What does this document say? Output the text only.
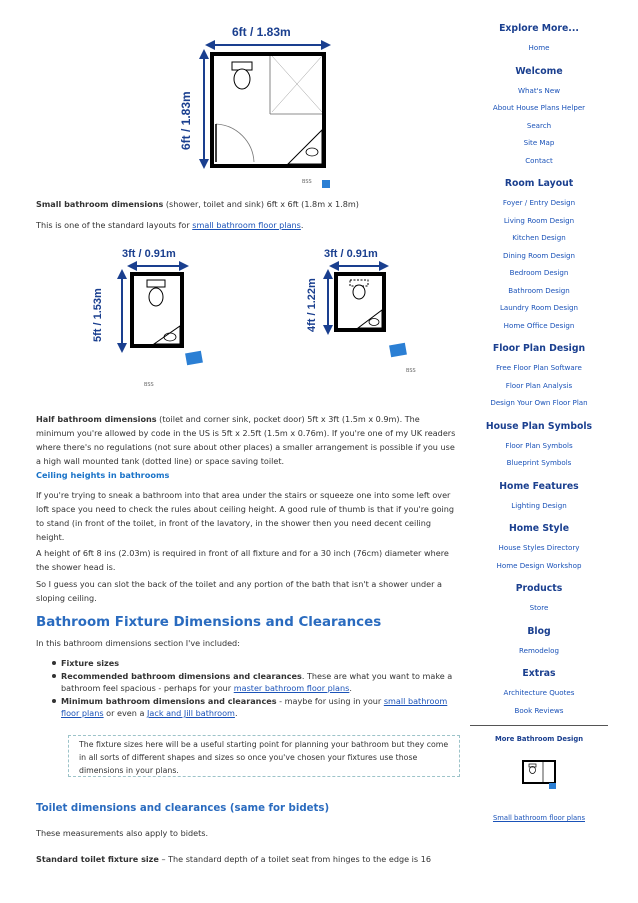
6ft / 1.83m
6ft / 1.83m
BSS
Small bathroom dimensions (shower, toilet and sink) 6ft x 6ft (1.8m x 1.8m)
This is one of the standard layouts for small bathroom floor plans.
3ft / 0.91m
5ft / 1.53m
BSS
3ft / 0.91m
4ft / 1.22m
BSS
Half bathroom dimensions (toilet and corner sink, pocket door) 5ft x 3ft (1.5m x 0.9m). The minimum you're allowed by code in the US is 5ft x 2.5ft (1.5m x 0.76m). If you're one of my UK readers where there's no regulations (not sure about other places) a smaller arrangement is possible if you use a high wall mounted tank (dotted line) or space saving toilet.
Ceiling heights in bathrooms
If you're trying to sneak a bathroom into that area under the stairs or squeeze one into some left over loft space you need to check the rules about ceiling height. A good rule of thumb is that if you're going to stand (in front of the toilet, in front of the lavatory, in the shower then you need decent ceiling height.
A height of 6ft 8 ins (2.03m) is required in front of all fixture and for a 30 inch (76cm) diameter where the shower head is.
So I guess you can slot the back of the toilet and any portion of the bath that isn't a shower under a sloping ceiling.
Bathroom Fixture Dimensions and Clearances
In this bathroom dimensions section I've included:
Fixture sizes
Recommended bathroom dimensions and clearances. These are what you want to make a bathroom feel spacious - perhaps for your master bathroom floor plans.
Minimum bathroom dimensions and clearances - maybe for using in your small bathroom floor plans or even a Jack and Jill bathroom.
The fixture sizes here will be a useful starting point for planning your bathroom but they come in all sorts of different shapes and sizes so once you've chosen your fixtures use those dimensions in your plans.
Toilet dimensions and clearances (same for bidets)
These measurements also apply to bidets.
Standard toilet fixture size – The standard depth of a toilet seat from hinges to the edge is 16
Explore More...
Home
Welcome
What's New
About House Plans Helper
Search
Site Map
Contact
Room Layout
Foyer / Entry Design
Living Room Design
Kitchen Design
Dining Room Design
Bedroom Design
Bathroom Design
Laundry Room Design
Home Office Design
Floor Plan Design
Free Floor Plan Software
Floor Plan Analysis
Design Your Own Floor Plan
House Plan Symbols
Floor Plan Symbols
Blueprint Symbols
Home Features
Lighting Design
Home Style
House Styles Directory
Home Design Workshop
Products
Store
Blog
Remodelog
Extras
Architecture Quotes
Book Reviews
More Bathroom Design
Small bathroom floor plans
